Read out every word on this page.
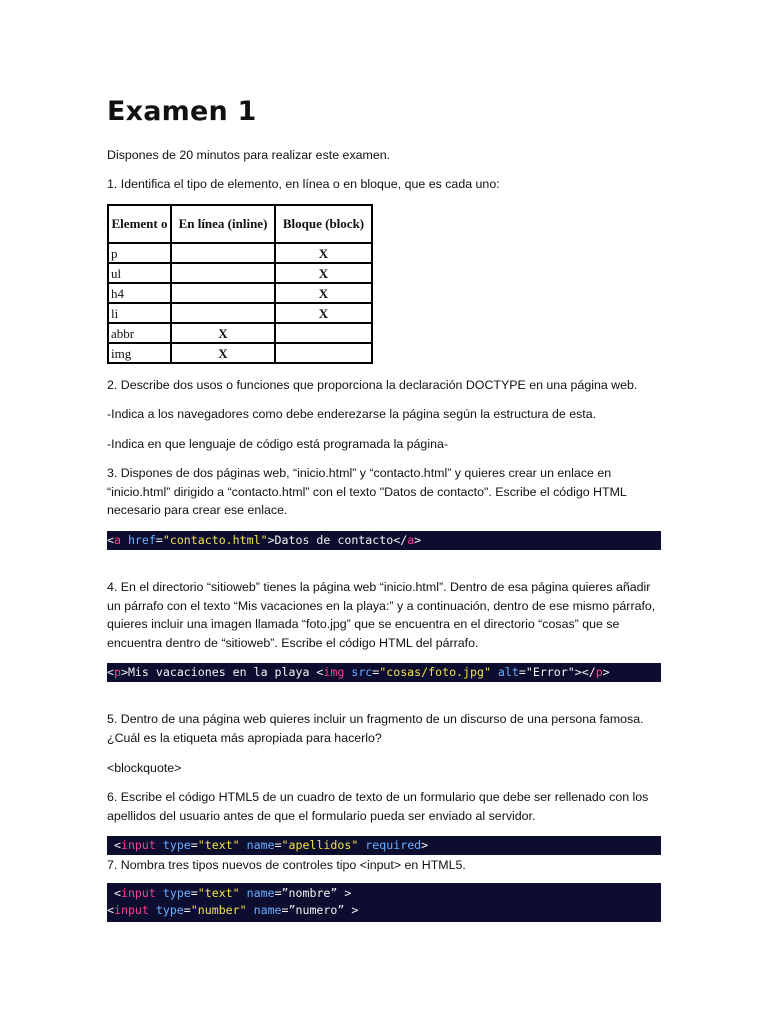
Examen 1

Dispones de 20 minutos para realizar este examen.

1. Identifica el tipo de elemento, en línea o en bloque, que es cada uno:

Element o	En línea (inline)	Bloque (block)
p		X
ul		X
h4		X
li		X
abbr	X	
img	X	

2. Describe dos usos o funciones que proporciona la declaración DOCTYPE en una página web.

-Indica a los navegadores como debe enderezarse la página según la estructura de esta.

-Indica en que lenguaje de código está programada la página-

3. Dispones de dos páginas web, “inicio.html” y “contacto.html” y quieres crear un enlace en “inicio.html” dirigido a “contacto.html” con el texto "Datos de contacto". Escribe el código HTML necesario para crear ese enlace.

<a href="contacto.html">Datos de contacto</a>

4. En el directorio “sitioweb” tienes la página web “inicio.html”. Dentro de esa página quieres añadir un párrafo con el texto “Mis vacaciones en la playa:” y a continuación, dentro de ese mismo párrafo, quieres incluir una imagen llamada “foto.jpg” que se encuentra en el directorio “cosas” que se encuentra dentro de “sitioweb”. Escribe el código HTML del párrafo.

<p>Mis vacaciones en la playa <img src="cosas/foto.jpg" alt="Error"></p>

5. Dentro de una página web quieres incluir un fragmento de un discurso de una persona famosa. ¿Cuál es la etiqueta más apropiada para hacerlo?

<blockquote>

6. Escribe el código HTML5 de un cuadro de texto de un formulario que debe ser rellenado con los apellidos del usuario antes de que el formulario pueda ser enviado al servidor.

<input type="text" name="apellidos" required>

7. Nombra tres tipos nuevos de controles tipo <input> en HTML5.

<input type="text" name=”nombre” >
<input type="number" name=”numero” >
